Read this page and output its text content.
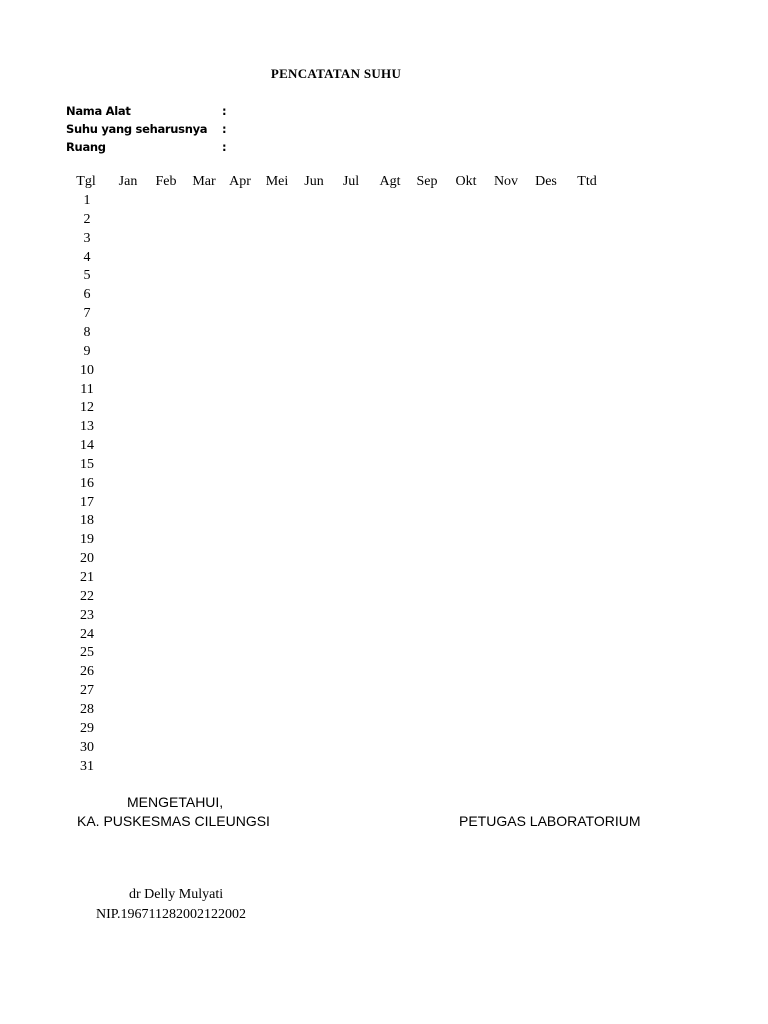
PENCATATAN SUHU
Nama Alat	:
Suhu yang seharusnya	:
Ruang	:
Tgl Jan Feb Mar Apr Mei Jun Jul Agt Sep Okt Nov Des Ttd
1
2
3
4
5
6
7
8
9
10
11
12
13
14
15
16
17
18
19
20
21
22
23
24
25
26
27
28
29
30
31
MENGETAHUI,
KA. PUSKESMAS CILEUNGSI	PETUGAS LABORATORIUM
dr Delly Mulyati
NIP.196711282002122002
